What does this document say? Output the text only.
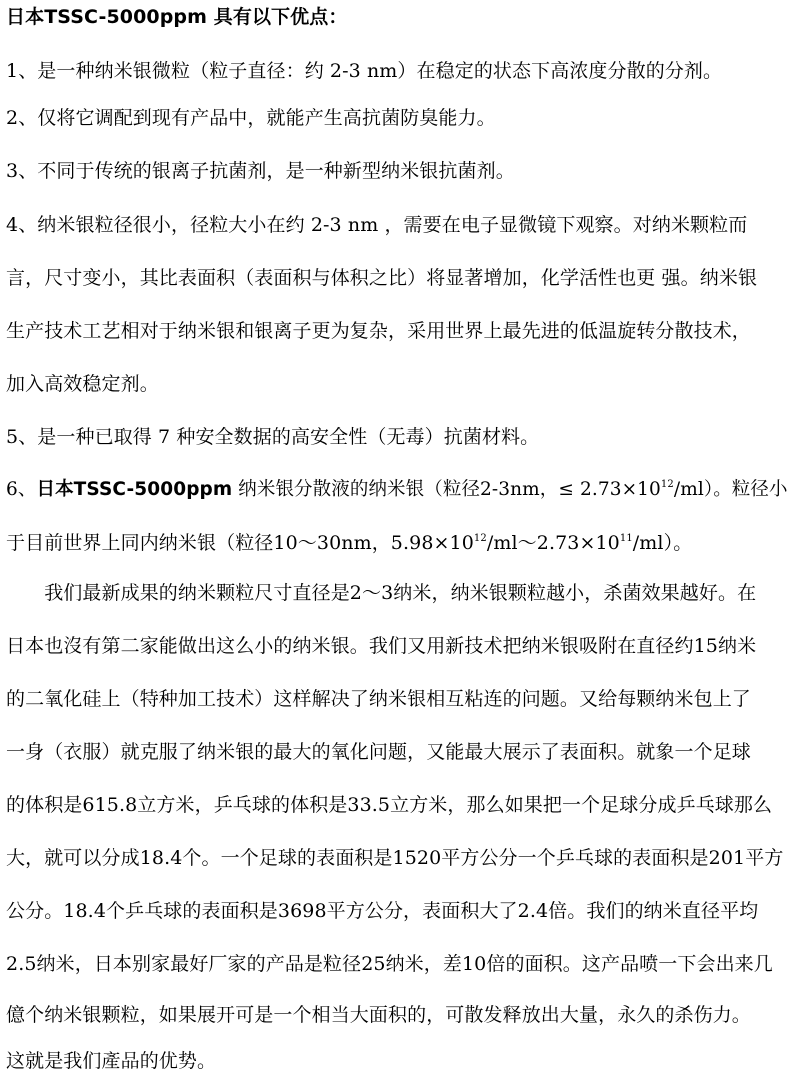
日本TSSC-5000ppm 具有以下优点：
1、是一种纳米银微粒（粒子直径：约 2-3 nm）在稳定的状态下高浓度分散的分剂。
2、仅将它调配到现有产品中，就能产生高抗菌防臭能力。
3、不同于传统的银离子抗菌剂，是一种新型纳米银抗菌剂。
4、纳米银粒径很小，径粒大小在约 2-3 nm ，需要在电子显微镜下观察。对纳米颗粒而
言，尺寸变小，其比表面积（表面积与体积之比）将显著增加，化学活性也更 强。纳米银
生产技术工艺相对于纳米银和银离子更为复杂，采用世界上最先进的低温旋转分散技术，
加入高效稳定剂。
5、是一种已取得 7 种安全数据的高安全性（无毒）抗菌材料。
6、日本TSSC-5000ppm 纳米银分散液的纳米银（粒径2-3nm，≤ $2.73\times 10^{12}/ml$）。粒径小
于目前世界上同内纳米银（粒径10～30nm，$5.98\times 10^{12}/ml\sim 2.73\times 10^{11}/ml$）。
　　我们最新成果的纳米颗粒尺寸直径是2～3纳米，纳米银颗粒越小，杀菌效果越好。在
日本也沒有第二家能做出这么小的纳米银。我们又用新技术把纳米银吸附在直径约15纳米
的二氧化硅上（特种加工技术）这样解决了纳米银相互粘连的问题。又给每颗纳米包上了
一身（衣服）就克服了纳米银的最大的氧化问题，又能最大展示了表面积。就象一个足球
的体积是615.8立方米，乒乓球的体积是33.5立方米，那么如果把一个足球分成乒乓球那么
大，就可以分成18.4个。一个足球的表面积是1520平方公分一个乒乓球的表面积是201平方
公分。18.4个乒乓球的表面积是3698平方公分，表面积大了2.4倍。我们的纳米直径平均
2.5纳米，日本别家最好厂家的产品是粒径25纳米，差10倍的面积。这产品喷一下会出来几
億个纳米银颗粒，如果展开可是一个相当大面积的，可散发释放出大量，永久的杀伤力。
这就是我们產品的优势。
